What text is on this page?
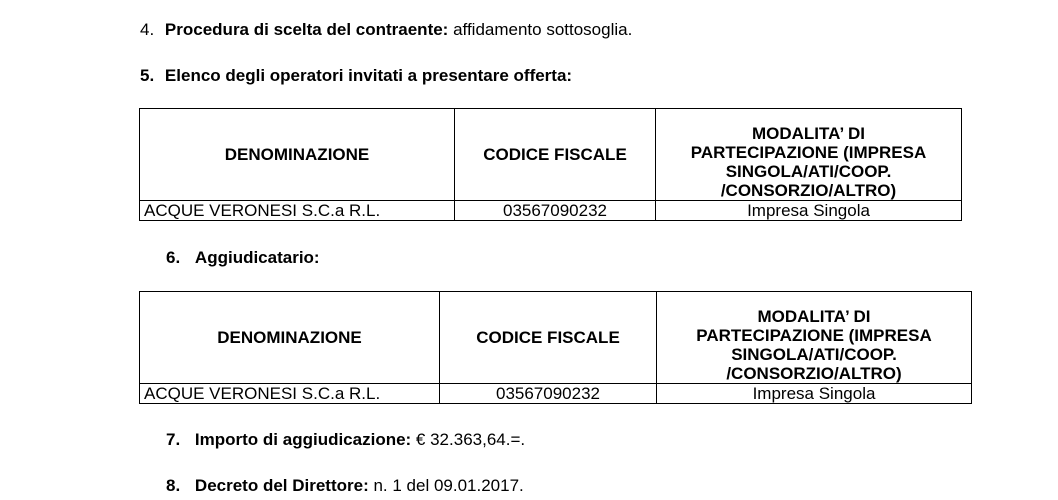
4. Procedura di scelta del contraente: affidamento sottosoglia.
5. Elenco degli operatori invitati a presentare offerta:
DENOMINAZIONE	CODICE FISCALE	MODALITA’ DI
PARTECIPAZIONE (IMPRESA
SINGOLA/ATI/COOP.
/CONSORZIO/ALTRO)

ACQUE VERONESI S.C.a R.L.	03567090232	Impresa Singola
6. Aggiudicatario:
DENOMINAZIONE	CODICE FISCALE	MODALITA’ DI
PARTECIPAZIONE (IMPRESA
SINGOLA/ATI/COOP.
/CONSORZIO/ALTRO)

ACQUE VERONESI S.C.a R.L.	03567090232	Impresa Singola
7. Importo di aggiudicazione: € 32.363,64.=.
8. Decreto del Direttore: n. 1 del 09.01.2017.
